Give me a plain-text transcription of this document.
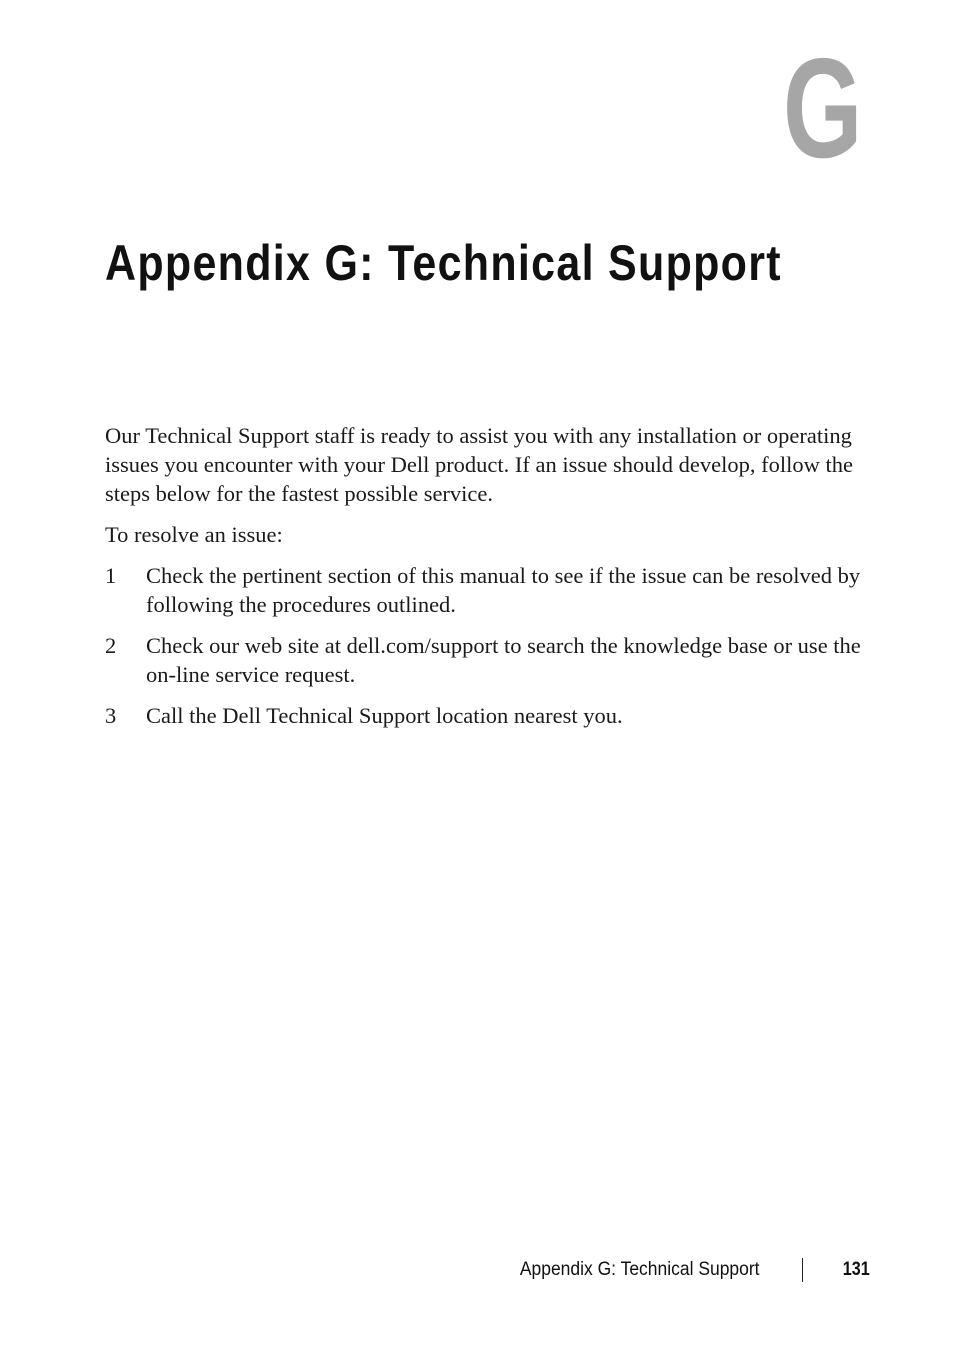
G
Appendix G: Technical Support

Our Technical Support staff is ready to assist you with any installation or operating issues you encounter with your Dell product. If an issue should develop, follow the steps below for the fastest possible service.

To resolve an issue:

1	Check the pertinent section of this manual to see if the issue can be resolved by following the procedures outlined.
2	Check our web site at dell.com/support to search the knowledge base or use the on-line service request.
3	Call the Dell Technical Support location nearest you.
Appendix G: Technical Support	131
